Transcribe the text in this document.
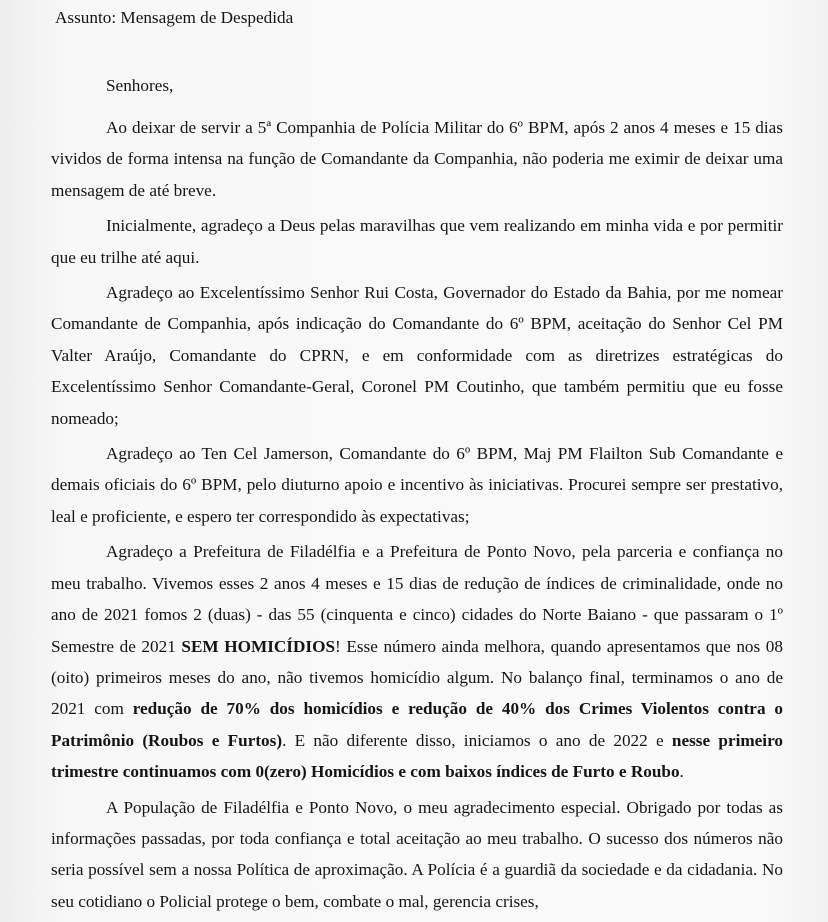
Assunto: Mensagem de Despedida
Senhores,

Ao deixar de servir a 5ª Companhia de Polícia Militar do 6º BPM, após 2 anos 4 meses e 15 dias vividos de forma intensa na função de Comandante da Companhia, não poderia me eximir de deixar uma mensagem de até breve.

Inicialmente, agradeço a Deus pelas maravilhas que vem realizando em minha vida e por permitir que eu trilhe até aqui.

Agradeço ao Excelentíssimo Senhor Rui Costa, Governador do Estado da Bahia, por me nomear Comandante de Companhia, após indicação do Comandante do 6º BPM, aceitação do Senhor Cel PM Valter Araújo, Comandante do CPRN, e em conformidade com as diretrizes estratégicas do Excelentíssimo Senhor Comandante-Geral, Coronel PM Coutinho, que também permitiu que eu fosse nomeado;

Agradeço ao Ten Cel Jamerson, Comandante do 6º BPM, Maj PM Flailton Sub Comandante e demais oficiais do 6º BPM, pelo diuturno apoio e incentivo às iniciativas. Procurei sempre ser prestativo, leal e proficiente, e espero ter correspondido às expectativas;

Agradeço a Prefeitura de Filadélfia e a Prefeitura de Ponto Novo, pela parceria e confiança no meu trabalho. Vivemos esses 2 anos 4 meses e 15 dias de redução de índices de criminalidade, onde no ano de 2021 fomos 2 (duas) - das 55 (cinquenta e cinco) cidades do Norte Baiano - que passaram o 1º Semestre de 2021 SEM HOMICÍDIOS! Esse número ainda melhora, quando apresentamos que nos 08 (oito) primeiros meses do ano, não tivemos homicídio algum. No balanço final, terminamos o ano de 2021 com redução de 70% dos homicídios e redução de 40% dos Crimes Violentos contra o Patrimônio (Roubos e Furtos). E não diferente disso, iniciamos o ano de 2022 e nesse primeiro trimestre continuamos com 0(zero) Homicídios e com baixos índices de Furto e Roubo.

A População de Filadélfia e Ponto Novo, o meu agradecimento especial. Obrigado por todas as informações passadas, por toda confiança e total aceitação ao meu trabalho. O sucesso dos números não seria possível sem a nossa Política de aproximação. A Polícia é a guardiã da sociedade e da cidadania. No seu cotidiano o Policial protege o bem, combate o mal, gerencia crises,
